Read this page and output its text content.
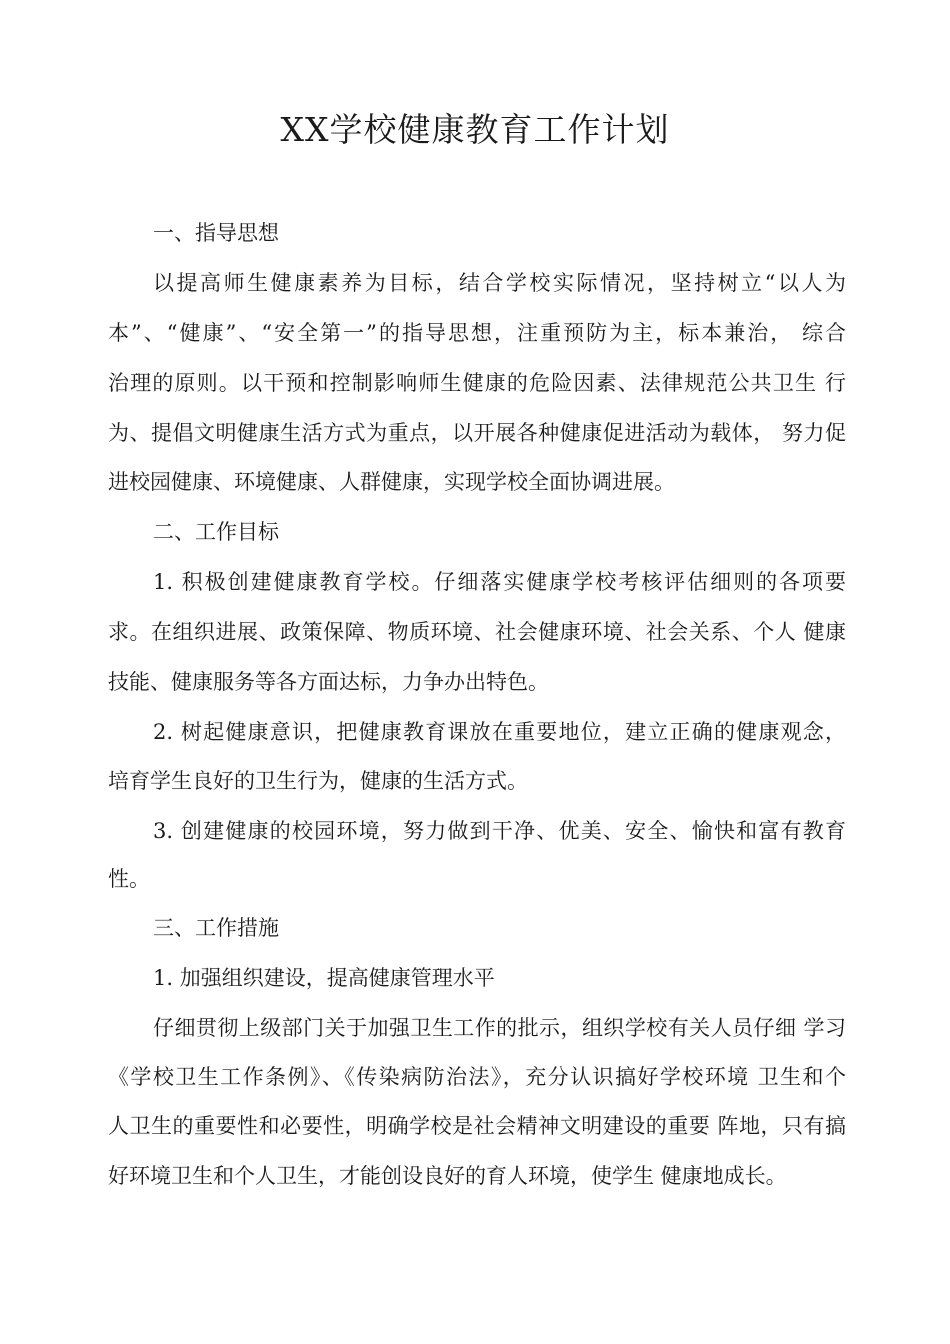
XX学校健康教育工作计划

一、指导思想

以提高师生健康素养为目标，结合学校实际情况，坚持树立“以人为

本”、“健康”、“安全第一”的指导思想，注重预防为主，标本兼治， 综合

治理的原则。以干预和控制影响师生健康的危险因素、法律规范公共卫生 行

为、提倡文明健康生活方式为重点，以开展各种健康促进活动为载体， 努力促

进校园健康、环境健康、人群健康，实现学校全面协调进展。

二、工作目标

1. 积极创建健康教育学校。仔细落实健康学校考核评估细则的各项要

求。在组织进展、政策保障、物质环境、社会健康环境、社会关系、个人 健康

技能、健康服务等各方面达标，力争办出特色。

2. 树起健康意识，把健康教育课放在重要地位，建立正确的健康观念，

培育学生良好的卫生行为，健康的生活方式。

3. 创建健康的校园环境，努力做到干净、优美、安全、愉快和富有教育

性。

三、工作措施

1. 加强组织建设，提高健康管理水平

仔细贯彻上级部门关于加强卫生工作的批示，组织学校有关人员仔细 学习

《学校卫生工作条例》、《传染病防治法》，充分认识搞好学校环境 卫生和个

人卫生的重要性和必要性，明确学校是社会精神文明建设的重要 阵地，只有搞

好环境卫生和个人卫生，才能创设良好的育人环境，使学生 健康地成长。
